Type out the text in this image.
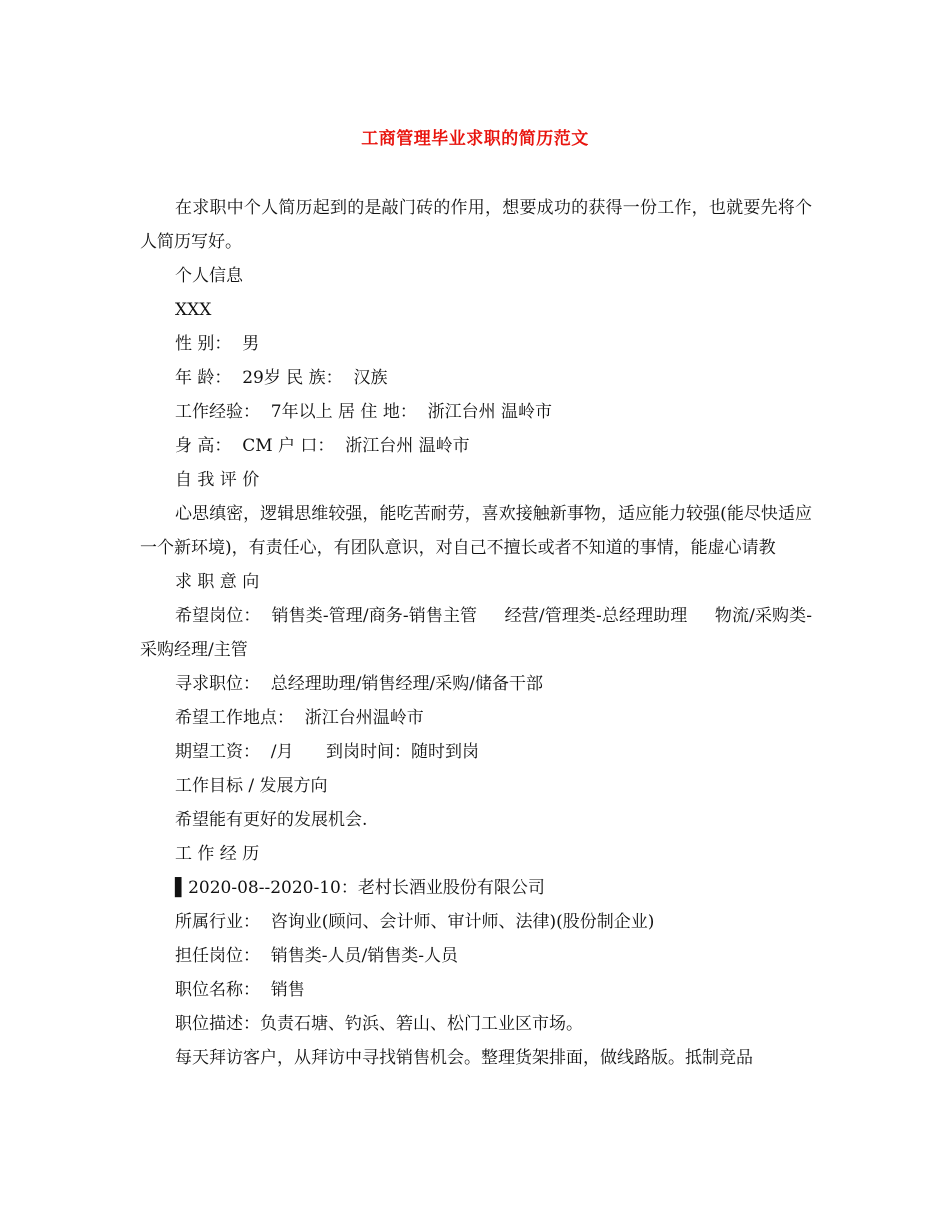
工商管理毕业求职的简历范文

在求职中个人简历起到的是敲门砖的作用，想要成功的获得一份工作，也就要先将个人简历写好。

个人信息

XXX

性 别：  男

年 龄：  29岁 民 族：  汉族

工作经验：  7年以上 居 住 地：  浙江台州 温岭市

身 高：  CM 户 口：  浙江台州 温岭市

自 我 评 价

心思缜密，逻辑思维较强，能吃苦耐劳，喜欢接触新事物，适应能力较强(能尽快适应一个新环境)，有责任心，有团队意识，对自己不擅长或者不知道的事情，能虚心请教

求 职 意 向

希望岗位：  销售类-管理/商务-销售主管     经营/管理类-总经理助理     物流/采购类-采购经理/主管

寻求职位：  总经理助理/销售经理/采购/储备干部

希望工作地点：  浙江台州温岭市

期望工资：  /月      到岗时间：随时到岗

工作目标 / 发展方向

希望能有更好的发展机会.

工 作 经 历

▌2020-08--2020-10：老村长酒业股份有限公司

所属行业：  咨询业(顾问、会计师、审计师、法律)(股份制企业)

担任岗位：  销售类-人员/销售类-人员

职位名称：  销售

职位描述：负责石塘、钓浜、箬山、松门工业区市场。

每天拜访客户，从拜访中寻找销售机会。整理货架排面，做线路版。抵制竞品
